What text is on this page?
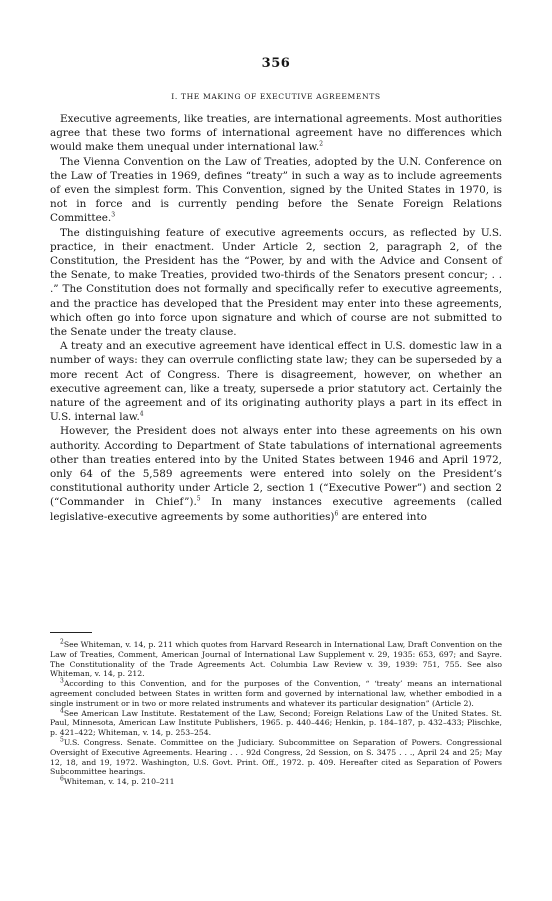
356
I. THE MAKING OF EXECUTIVE AGREEMENTS

Executive agreements, like treaties, are international agreements. Most authorities agree that these two forms of international agreement have no differences which would make them unequal under international law.$^2$

The Vienna Convention on the Law of Treaties, adopted by the U.N. Conference on the Law of Treaties in 1969, defines “treaty” in such a way as to include agreements of even the simplest form. This Convention, signed by the United States in 1970, is not in force and is currently pending before the Senate Foreign Relations Committee.$^3$

The distinguishing feature of executive agreements occurs, as reflected by U.S. practice, in their enactment. Under Article 2, section 2, paragraph 2, of the Constitution, the President has the “Power, by and with the Advice and Consent of the Senate, to make Treaties, provided two-thirds of the Senators present concur; . . .” The Constitution does not formally and specifically refer to executive agreements, and the practice has developed that the President may enter into these agreements, which often go into force upon signature and which of course are not submitted to the Senate under the treaty clause.

A treaty and an executive agreement have identical effect in U.S. domestic law in a number of ways: they can overrule conflicting state law; they can be superseded by a more recent Act of Congress. There is disagreement, however, on whether an executive agreement can, like a treaty, supersede a prior statutory act. Certainly the nature of the agreement and of its originating authority plays a part in its effect in U.S. internal law.$^4$

However, the President does not always enter into these agreements on his own authority. According to Department of State tabulations of international agreements other than treaties entered into by the United States between 1946 and April 1972, only 64 of the 5,589 agreements were entered into solely on the President’s constitutional authority under Article 2, section 1 (“Executive Power”) and section 2 (“Commander in Chief”).$^5$ In many instances executive agreements (called legislative-executive agreements by some authorities)$^6$ are entered into

$^2$See Whiteman, v. 14, p. 211 which quotes from Harvard Research in International Law, Draft Convention on the Law of Treaties, Comment, American Journal of International Law Supplement v. 29, 1935: 653, 697; and Sayre. The Constitutionality of the Trade Agreements Act. Columbia Law Review v. 39, 1939: 751, 755. See also Whiteman, v. 14, p. 212.

$^3$According to this Convention, and for the purposes of the Convention, “ ‘treaty’ means an international agreement concluded between States in written form and governed by international law, whether embodied in a single instrument or in two or more related instruments and whatever its particular designation” (Article 2).

$^4$See American Law Institute. Restatement of the Law, Second; Foreign Relations Law of the United States. St. Paul, Minnesota, American Law Institute Publishers, 1965. p. 440–446; Henkin, p. 184–187, p. 432–433; Plischke, p. 421–422; Whiteman, v. 14, p. 253–254.

$^5$U.S. Congress. Senate. Committee on the Judiciary. Subcommittee on Separation of Powers. Congressional Oversight of Executive Agreements. Hearing . . . 92d Congress, 2d Session, on S. 3475 . . ., April 24 and 25; May 12, 18, and 19, 1972. Washington, U.S. Govt. Print. Off., 1972. p. 409. Hereafter cited as Separation of Powers Subcommittee hearings.

$^6$Whiteman, v. 14, p. 210–211
